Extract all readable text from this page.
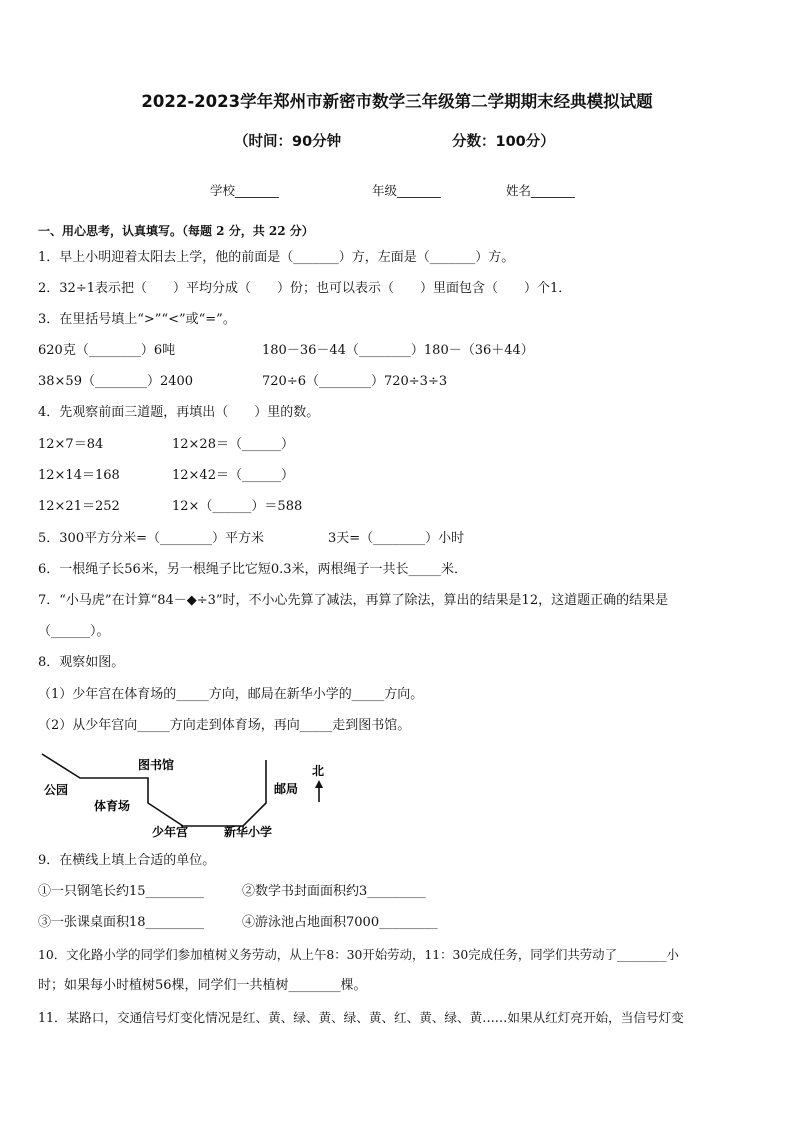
2022-2023学年郑州市新密市数学三年级第二学期期末经典模拟试题
（时间：90分钟	分数：100分）
学校_______	年级_______	姓名_______
一、用心思考，认真填写。（每题 2 分，共 22 分）
1．早上小明迎着太阳去上学，他的前面是（_______）方，左面是（_______）方。
2．32÷1表示把（　　）平均分成（　　）份；也可以表示（　　）里面包含（　　）个1．
3．在里括号填上“>”“<”或“=”。
620克（________）6吨	180－36－44（________）180－（36＋44）
38×59（________）2400	720÷6（________）720÷3÷3
4．先观察前面三道题，再填出（　　）里的数。
12×7＝84	12×28＝（______）
12×14＝168	12×42＝（______）
12×21＝252	12×（______）＝588
5．300平方分米=（________）平方米	3天=（________）小时
6．一根绳子长56米，另一根绳子比它短0.3米，两根绳子一共长_____米．
7．“小马虎”在计算“84－◆÷3”时，不小心先算了减法，再算了除法，算出的结果是12，这道题正确的结果是
（______）。
8．观察如图。
（1）少年宫在体育场的_____方向，邮局在新华小学的_____方向。
（2）从少年宫向_____方向走到体育场，再向_____走到图书馆。
公园
图书馆
体育场
少年宫	新华小学
邮局
北
9．在横线上填上合适的单位。
①一只钢笔长约15_________	②数学书封面面积约3_________
③一张课桌面积18_________	④游泳池占地面积7000_________
10．文化路小学的同学们参加植树义务劳动，从上午8：30开始劳动，11：30完成任务，同学们共劳动了________小
时；如果每小时植树56棵，同学们一共植树________棵。
11．某路口，交通信号灯变化情况是红、黄、绿、黄、绿、黄、红、黄、绿、黄……如果从红灯亮开始，当信号灯变
